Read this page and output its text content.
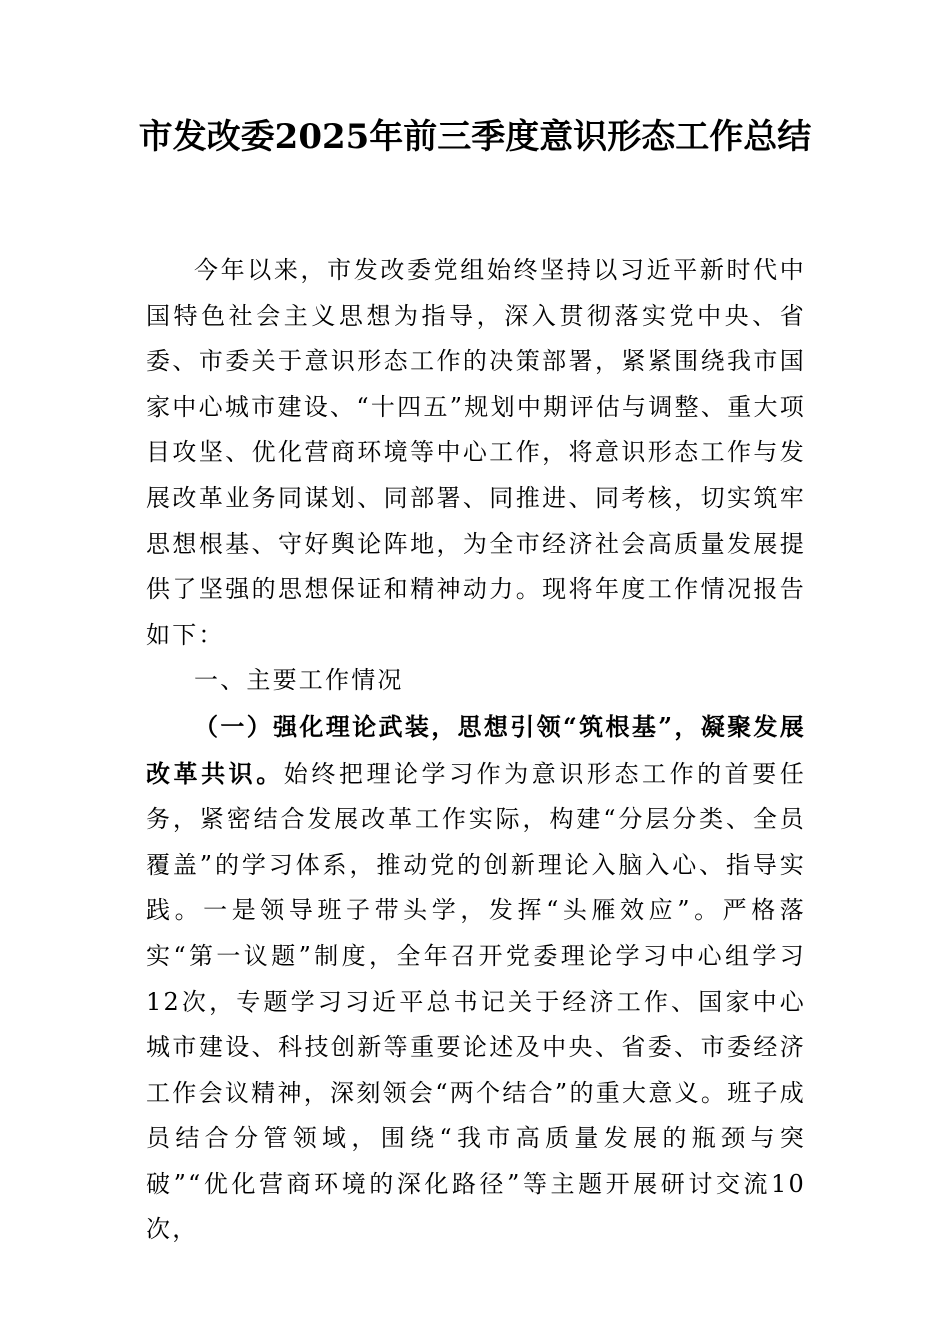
市发改委2025年前三季度意识形态工作总结

今年以来，市发改委党组始终坚持以习近平新时代中国特色社会主义思想为指导，深入贯彻落实党中央、省委、市委关于意识形态工作的决策部署，紧紧围绕我市国家中心城市建设、“十四五”规划中期评估与调整、重大项目攻坚、优化营商环境等中心工作，将意识形态工作与发展改革业务同谋划、同部署、同推进、同考核，切实筑牢思想根基、守好舆论阵地，为全市经济社会高质量发展提供了坚强的思想保证和精神动力。现将年度工作情况报告如下：

一、主要工作情况

（一）强化理论武装，思想引领“筑根基”，凝聚发展改革共识。始终把理论学习作为意识形态工作的首要任务，紧密结合发展改革工作实际，构建“分层分类、全员覆盖”的学习体系，推动党的创新理论入脑入心、指导实践。一是领导班子带头学，发挥“头雁效应”。严格落实“第一议题”制度，全年召开党委理论学习中心组学习12次，专题学习习近平总书记关于经济工作、国家中心城市建设、科技创新等重要论述及中央、省委、市委经济工作会议精神，深刻领会“两个结合”的重大意义。班子成员结合分管领域，围绕“我市高质量发展的瓶颈与突破”“优化营商环境的深化路径”等主题开展研讨交流10次，
